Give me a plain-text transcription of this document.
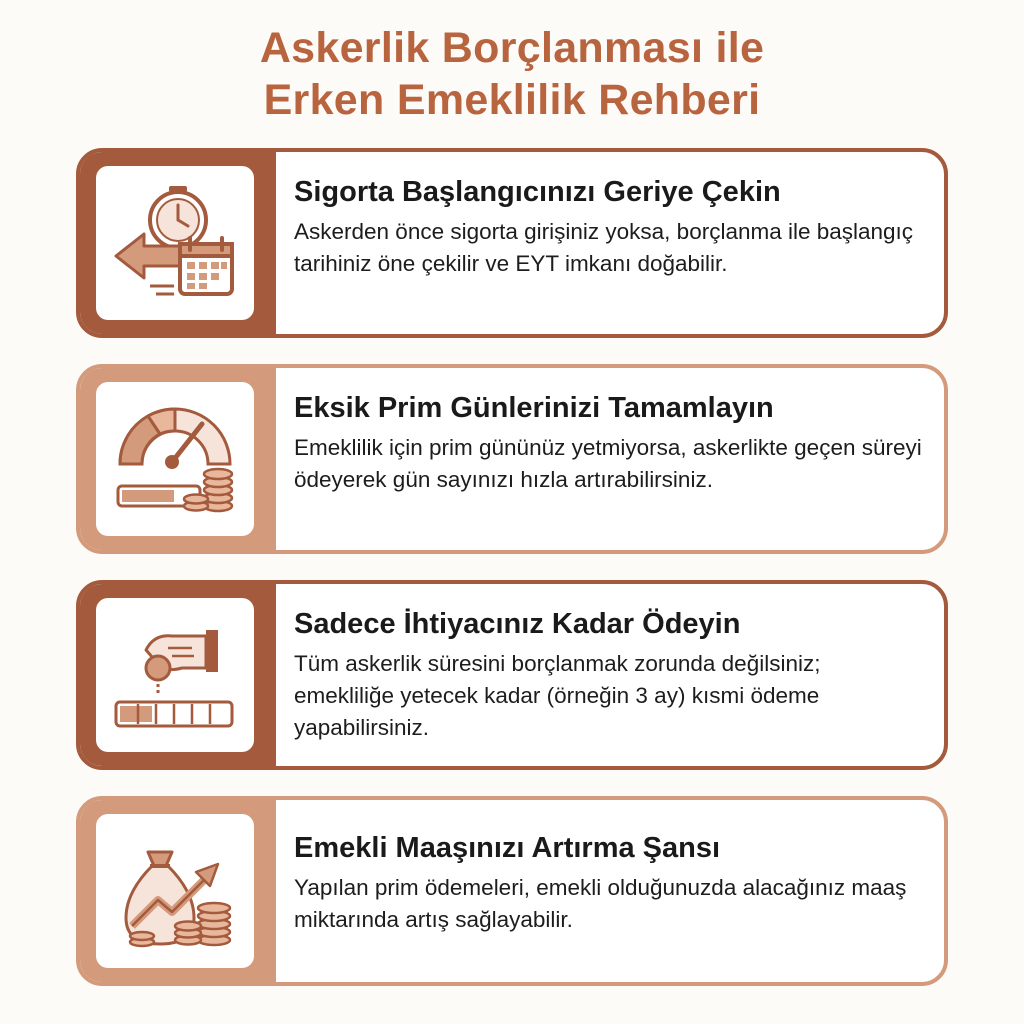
Askerlik Borçlanması ile
Erken Emeklilik Rehberi
Sigorta Başlangıcınızı Geriye Çekin
Askerden önce sigorta girişiniz yoksa, borçlanma ile başlangıç tarihiniz öne çekilir ve EYT imkanı doğabilir.
Eksik Prim Günlerinizi Tamamlayın
Emeklilik için prim gününüz yetmiyorsa, askerlikte geçen süreyi ödeyerek gün sayınızı hızla artırabilirsiniz.
Sadece İhtiyacınız Kadar Ödeyin
Tüm askerlik süresini borçlanmak zorunda değilsiniz; emekliliğe yetecek kadar (örneğin 3 ay) kısmi ödeme yapabilirsiniz.
Emekli Maaşınızı Artırma Şansı
Yapılan prim ödemeleri, emekli olduğunuzda alacağınız maaş miktarında artış sağlayabilir.
